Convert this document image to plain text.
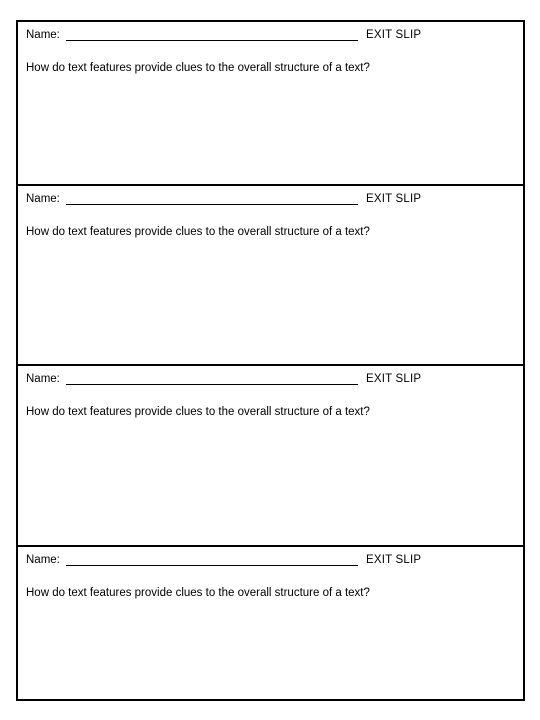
Name:	EXIT SLIP
How do text features provide clues to the overall structure of a text?
Name:	EXIT SLIP
How do text features provide clues to the overall structure of a text?
Name:	EXIT SLIP
How do text features provide clues to the overall structure of a text?
Name:	EXIT SLIP
How do text features provide clues to the overall structure of a text?
